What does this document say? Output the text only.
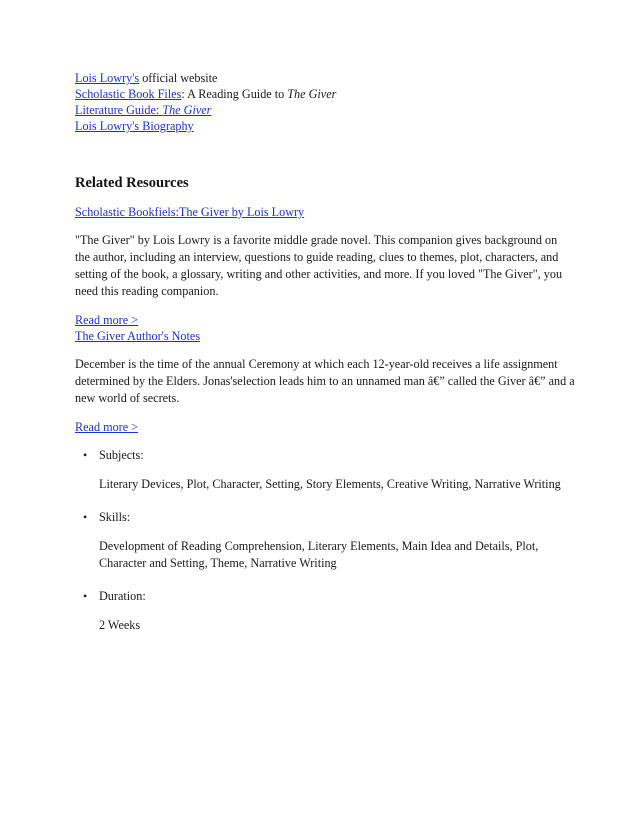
Lois Lowry's official website
Scholastic Book Files: A Reading Guide to The Giver
Literature Guide: The Giver
Lois Lowry's Biography
Related Resources
Scholastic Bookfiels:The Giver by Lois Lowry
"The Giver" by Lois Lowry is a favorite middle grade novel. This companion gives background on the author, including an interview, questions to guide reading, clues to themes, plot, characters, and setting of the book, a glossary, writing and other activities, and more. If you loved "The Giver", you need this reading companion.
Read more >
The Giver Author's Notes
December is the time of the annual Ceremony at which each 12-year-old receives a life assignment determined by the Elders. Jonas'selection leads him to an unnamed man â€” called the Giver â€” and a new world of secrets.
Read more >
• Subjects:
Literary Devices, Plot, Character, Setting, Story Elements, Creative Writing, Narrative Writing
• Skills:
Development of Reading Comprehension, Literary Elements, Main Idea and Details, Plot, Character and Setting, Theme, Narrative Writing
• Duration:
2 Weeks
